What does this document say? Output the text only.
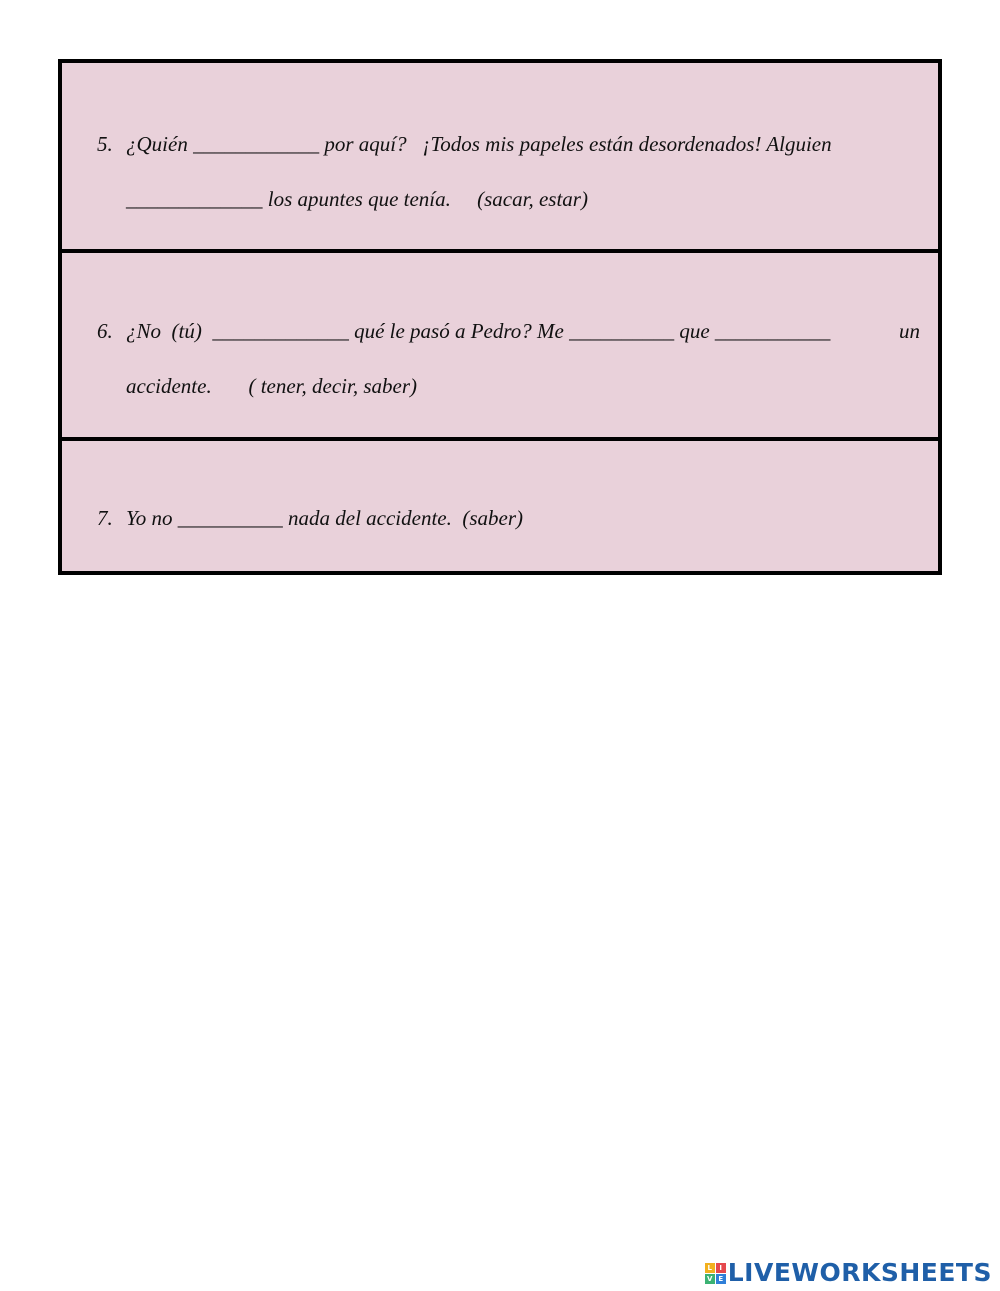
5. ¿Quién ____________ por aquí?   ¡Todos mis papeles están desordenados! Alguien
_____________ los apuntes que tenía.     (sacar, estar)
6. ¿No  (tú)  _____________ qué le pasó a Pedro? Me __________ que ___________	un
accidente.       ( tener, decir, saber)
7. Yo no __________ nada del accidente.  (saber)
L	I
V E LIVEWORKSHEETS
